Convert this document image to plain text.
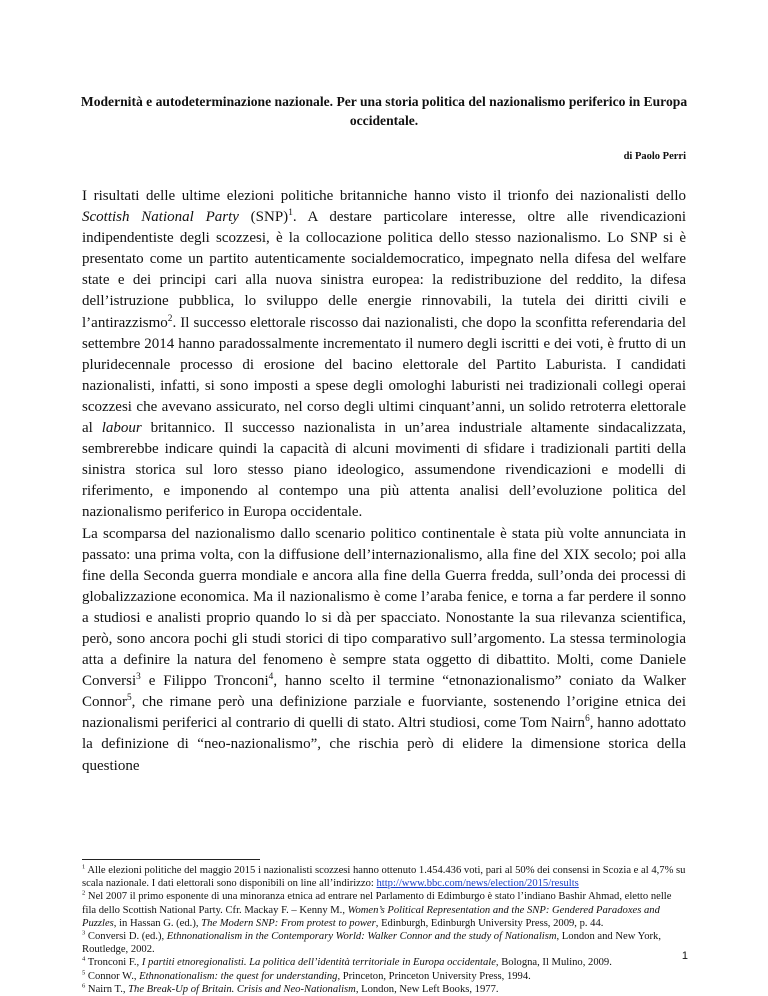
Modernità e autodeterminazione nazionale. Per una storia politica del nazionalismo periferico in Europa occidentale.
di Paolo Perri

I risultati delle ultime elezioni politiche britanniche hanno visto il trionfo dei nazionalisti dello Scottish National Party (SNP)$^1$. A destare particolare interesse, oltre alle rivendicazioni indipendentiste degli scozzesi, è la collocazione politica dello stesso nazionalismo. Lo SNP si è presentato come un partito autenticamente socialdemocratico, impegnato nella difesa del welfare state e dei principi cari alla nuova sinistra europea: la redistribuzione del reddito, la difesa dell’istruzione pubblica, lo sviluppo delle energie rinnovabili, la tutela dei diritti civili e l’antirazzismo$^2$. Il successo elettorale riscosso dai nazionalisti, che dopo la sconfitta referendaria del settembre 2014 hanno paradossalmente incrementato il numero degli iscritti e dei voti, è frutto di un pluridecennale processo di erosione del bacino elettorale del Partito Laburista. I candidati nazionalisti, infatti, si sono imposti a spese degli omologhi laburisti nei tradizionali collegi operai scozzesi che avevano assicurato, nel corso degli ultimi cinquant’anni, un solido retroterra elettorale al labour britannico. Il successo nazionalista in un’area industriale altamente sindacalizzata, sembrerebbe indicare quindi la capacità di alcuni movimenti di sfidare i tradizionali partiti della sinistra storica sul loro stesso piano ideologico, assumendone rivendicazioni e modelli di riferimento, e imponendo al contempo una più attenta analisi dell’evoluzione politica del nazionalismo periferico in Europa occidentale.

La scomparsa del nazionalismo dallo scenario politico continentale è stata più volte annunciata in passato: una prima volta, con la diffusione dell’internazionalismo, alla fine del XIX secolo; poi alla fine della Seconda guerra mondiale e ancora alla fine della Guerra fredda, sull’onda dei processi di globalizzazione economica. Ma il nazionalismo è come l’araba fenice, e torna a far perdere il sonno a studiosi e analisti proprio quando lo si dà per spacciato. Nonostante la sua rilevanza scientifica, però, sono ancora pochi gli studi storici di tipo comparativo sull’argomento. La stessa terminologia atta a definire la natura del fenomeno è sempre stata oggetto di dibattito. Molti, come Daniele Conversi$^3$ e Filippo Tronconi$^4$, hanno scelto il termine “etnonazionalismo” coniato da Walker Connor$^5$, che rimane però una definizione parziale e fuorviante, sostenendo l’origine etnica dei nazionalismi periferici al contrario di quelli di stato. Altri studiosi, come Tom Nairn$^6$, hanno adottato la definizione di “neo-nazionalismo”, che rischia però di elidere la dimensione storica della questione

$^1$ Alle elezioni politiche del maggio 2015 i nazionalisti scozzesi hanno ottenuto 1.454.436 voti, pari al 50% dei consensi in Scozia e al 4,7% su scala nazionale. I dati elettorali sono disponibili on line all’indirizzo: http://www.bbc.com/news/election/2015/results

$^2$ Nel 2007 il primo esponente di una minoranza etnica ad entrare nel Parlamento di Edimburgo è stato l’indiano Bashir Ahmad, eletto nelle fila dello Scottish National Party. Cfr. Mackay F. – Kenny M., Women’s Political Representation and the SNP: Gendered Paradoxes and Puzzles, in Hassan G. (ed.), The Modern SNP: From protest to power, Edinburgh, Edinburgh University Press, 2009, p. 44.

$^3$ Conversi D. (ed.), Ethnonationalism in the Contemporary World: Walker Connor and the study of Nationalism, London and New York, Routledge, 2002.

$^4$ Tronconi F., I partiti etnoregionalisti. La politica dell’identità territoriale in Europa occidentale, Bologna, Il Mulino, 2009.

$^5$ Connor W., Ethnonationalism: the quest for understanding, Princeton, Princeton University Press, 1994.

$^6$ Nairn T., The Break-Up of Britain. Crisis and Neo-Nationalism, London, New Left Books, 1977.

1
